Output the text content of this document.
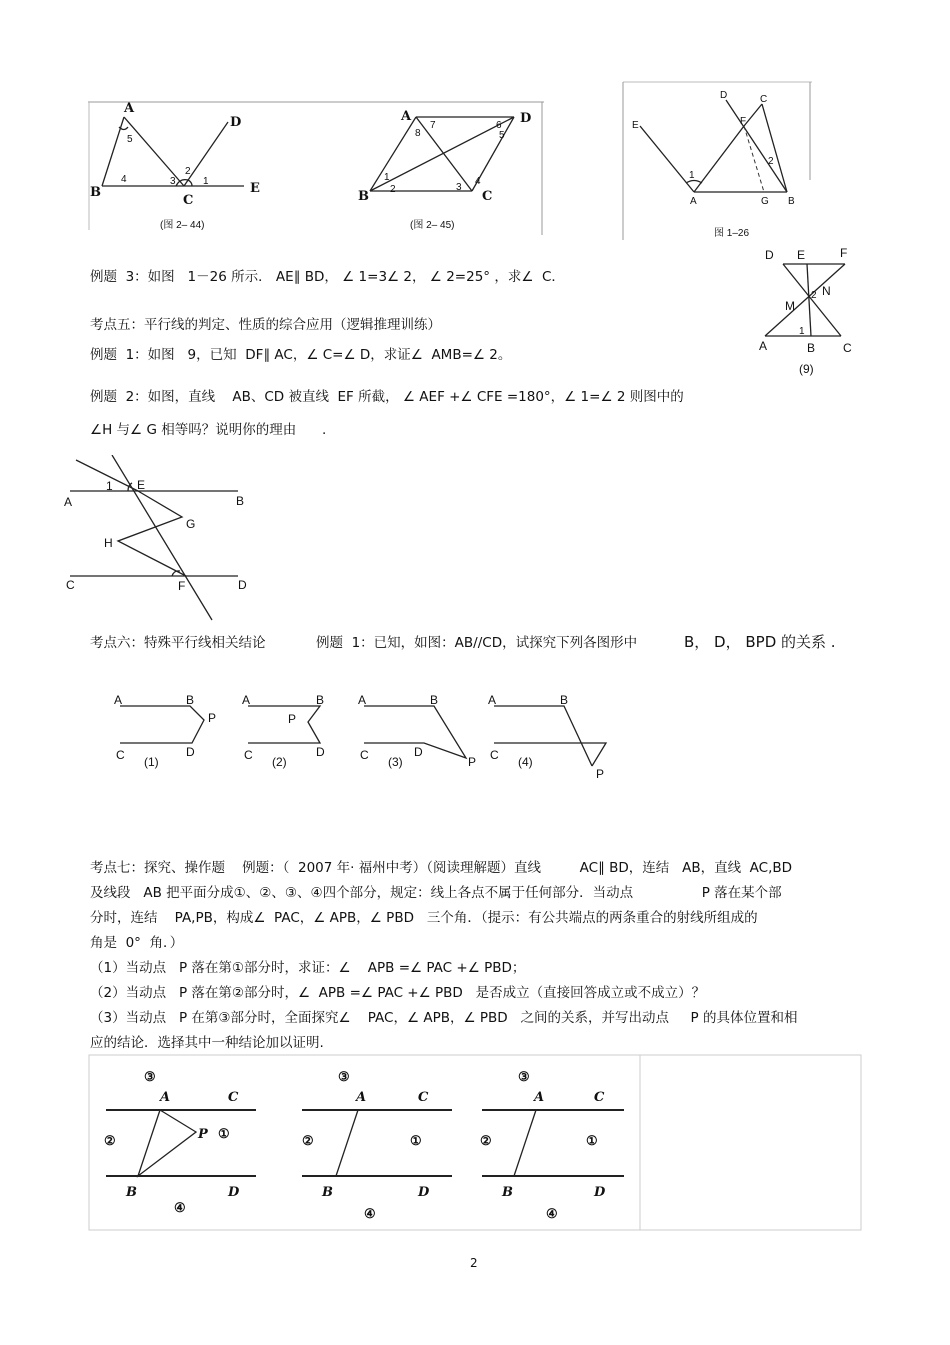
A
B
C
D
E
5
4	3
2
1
(图 2– 44)
A
B	C
D
7
8
6
5
1
2	3
4
(图 2– 45)
E
D	C
F
A	G B
1
2
图 1–26
D E	F
M
N
A	B C
1
2
(9)
例题  3：如图   1－26 所示． AE∥ BD， ∠ 1=3∠ 2， ∠ 2=25° ，求∠  C．
考点五：平行线的判定、性质的综合应用（逻辑推理训练）
例题  1：如图   9，已知  DF∥ AC，∠ C=∠ D，求证∠  AMB=∠ 2。
例题  2：如图，直线    AB、CD 被直线  EF 所截， ∠ AEF +∠ CFE =180°，∠ 1=∠ 2 则图中的
∠H 与∠ G 相等吗？说明你的理由      .
1 E
A	B
G
H
C	F	D
考点六：特殊平行线相关结论	例题  1：已知，如图：AB//CD，试探究下列各图形中	B， D， BPD 的关系 .
A	B
P
C	D
(1)
A	B
P
C	D
(2)
A	B
P
C	D
(3)
A	B
P
C (4)
考点七：探究、操作题    例题：（  2007 年· 福州中考）（阅读理解题）直线         AC∥ BD，连结   AB，直线  AC,BD
及线段   AB 把平面分成①、②、③、④四个部分，规定：线上各点不属于任何部分．当动点                P 落在某个部
分时，连结    PA,PB，构成∠  PAC，∠ APB，∠ PBD   三个角．（提示：有公共端点的两条重合的射线所组成的
角是  0°  角．）
（1）当动点   P 落在第①部分时，求证：∠    APB =∠ PAC +∠ PBD；
（2）当动点   P 落在第②部分时，∠  APB =∠ PAC +∠ PBD   是否成立（直接回答成立或不成立）？
（3）当动点   P 在第③部分时，全面探究∠    PAC，∠ APB，∠ PBD   之间的关系，并写出动点     P 的具体位置和相
应的结论．选择其中一种结论加以证明.
③
A	C
②	P ①
B	D
④
③
A	C
②	①
B	D
④
③
A	C
②	①
B	D
④
2
